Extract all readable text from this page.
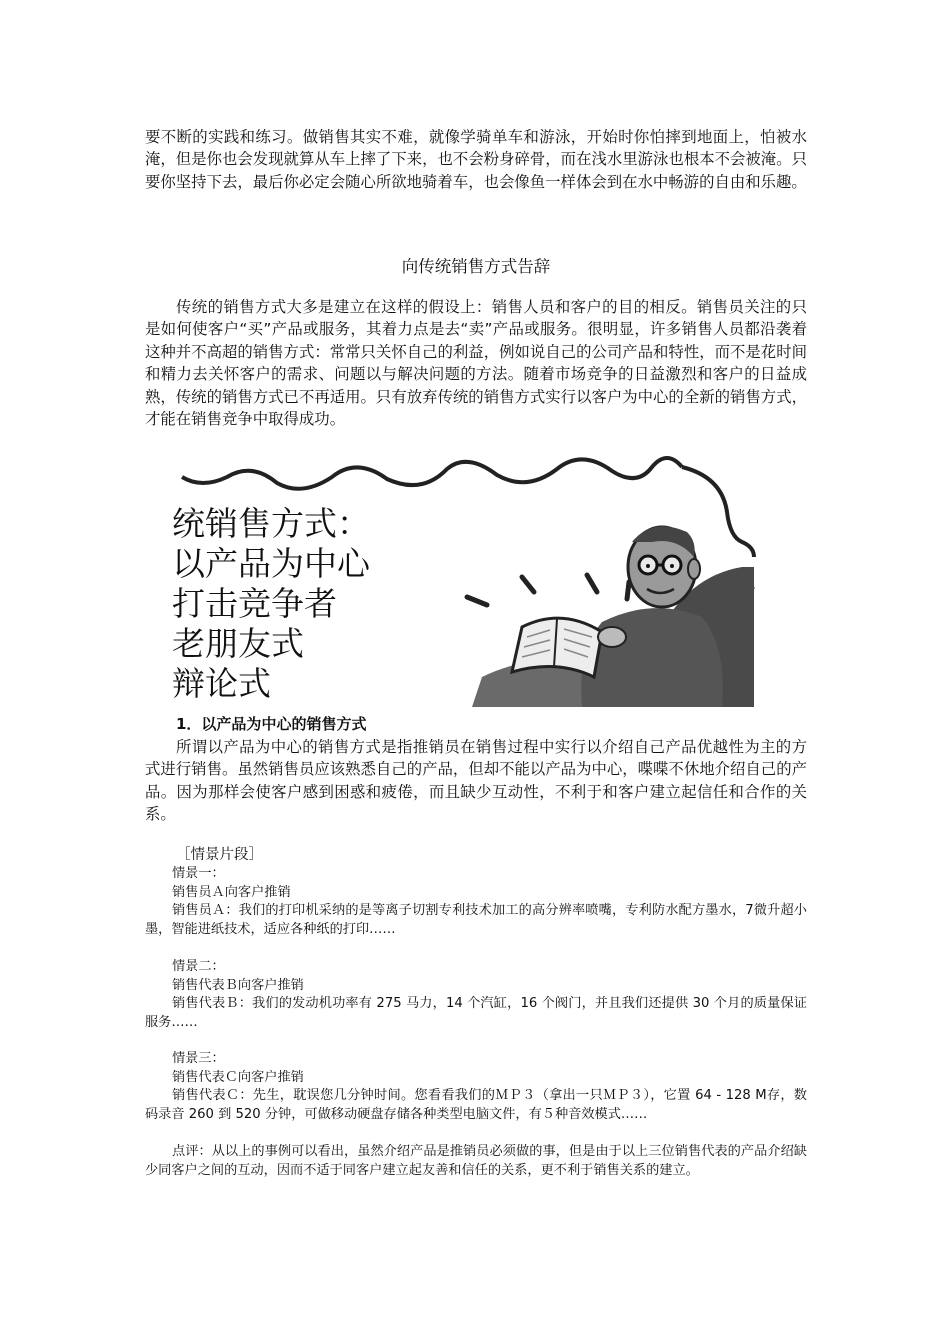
要不断的实践和练习。做销售其实不难，就像学骑单车和游泳，开始时你怕摔到地面上，怕被水淹，但是你也会发现就算从车上摔了下来，也不会粉身碎骨，而在浅水里游泳也根本不会被淹。只要你坚持下去，最后你必定会随心所欲地骑着车，也会像鱼一样体会到在水中畅游的自由和乐趣。

向传统销售方式告辞

传统的销售方式大多是建立在这样的假设上：销售人员和客户的目的相反。销售员关注的只是如何使客户“买”产品或服务，其着力点是去“卖”产品或服务。很明显，许多销售人员都沿袭着这种并不高超的销售方式：常常只关怀自己的利益，例如说自己的公司产品和特性，而不是花时间和精力去关怀客户的需求、问题以与解决问题的方法。随着市场竞争的日益激烈和客户的日益成熟，传统的销售方式已不再适用。只有放弃传统的销售方式实行以客户为中心的全新的销售方式，才能在销售竞争中取得成功。

统销售方式：
以产品为中心
打击竞争者
老朋友式
辩论式
1．以产品为中心的销售方式

所谓以产品为中心的销售方式是指推销员在销售过程中实行以介绍自己产品优越性为主的方式进行销售。虽然销售员应该熟悉自己的产品，但却不能以产品为中心，喋喋不休地介绍自己的产品。因为那样会使客户感到困惑和疲倦，而且缺少互动性，不利于和客户建立起信任和合作的关系。

［情景片段］
情景一：
销售员Ａ向客户推销
销售员Ａ：我们的打印机采纳的是等离子切割专利技术加工的高分辨率喷嘴，专利防水配方墨水，7微升超小墨，智能进纸技术，适应各种纸的打印……
情景二：
销售代表Ｂ向客户推销
销售代表Ｂ：我们的发动机功率有 275 马力，14 个汽缸，16 个阀门，并且我们还提供 30 个月的质量保证服务……
情景三：
销售代表Ｃ向客户推销
销售代表Ｃ：先生，耽误您几分钟时间。您看看我们的ＭＰ３（拿出一只ＭＰ３），它置 64 - 128 M存，数码录音 260 到 520 分钟，可做移动硬盘存储各种类型电脑文件，有５种音效模式……
点评：从以上的事例可以看出，虽然介绍产品是推销员必须做的事，但是由于以上三位销售代表的产品介绍缺少同客户之间的互动，因而不适于同客户建立起友善和信任的关系，更不利于销售关系的建立。
